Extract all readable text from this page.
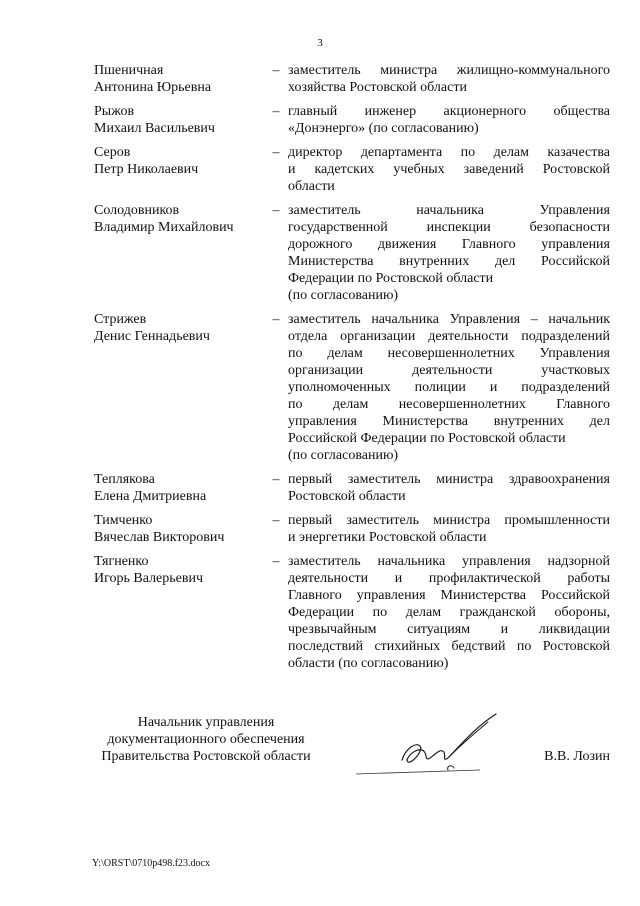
3
Пшеничная
Антонина Юрьевна
– заместитель министра жилищно-коммунального
хозяйства Ростовской области
Рыжов
Михаил Васильевич
– главный инженер акционерного общества
«Донэнерго» (по согласованию)
Серов
Петр Николаевич
– директор департамента по делам казачества
и кадетских учебных заведений Ростовской
области
Солодовников
Владимир Михайлович
– заместитель начальника Управления
государственной инспекции безопасности
дорожного движения Главного управления
Министерства внутренних дел Российской
Федерации по Ростовской области
(по согласованию)
Стрижев
Денис Геннадьевич
– заместитель начальника Управления – начальник
отдела организации деятельности подразделений
по делам несовершеннолетних Управления
организации деятельности участковых
уполномоченных полиции и подразделений
по делам несовершеннолетних Главного
управления Министерства внутренних дел
Российской Федерации по Ростовской области
(по согласованию)
Теплякова
Елена Дмитриевна
– первый заместитель министра здравоохранения
Ростовской области
Тимченко
Вячеслав Викторович
– первый заместитель министра промышленности
и энергетики Ростовской области
Тягненко
Игорь Валерьевич
– заместитель начальника управления надзорной
деятельности и профилактической работы
Главного управления Министерства Российской
Федерации по делам гражданской обороны,
чрезвычайным ситуациям и ликвидации
последствий стихийных бедствий по Ростовской
области (по согласованию)
Начальник управления
документационного обеспечения
Правительства Ростовской области	В.В. Лозин
Y:\ORST\0710p498.f23.docx
